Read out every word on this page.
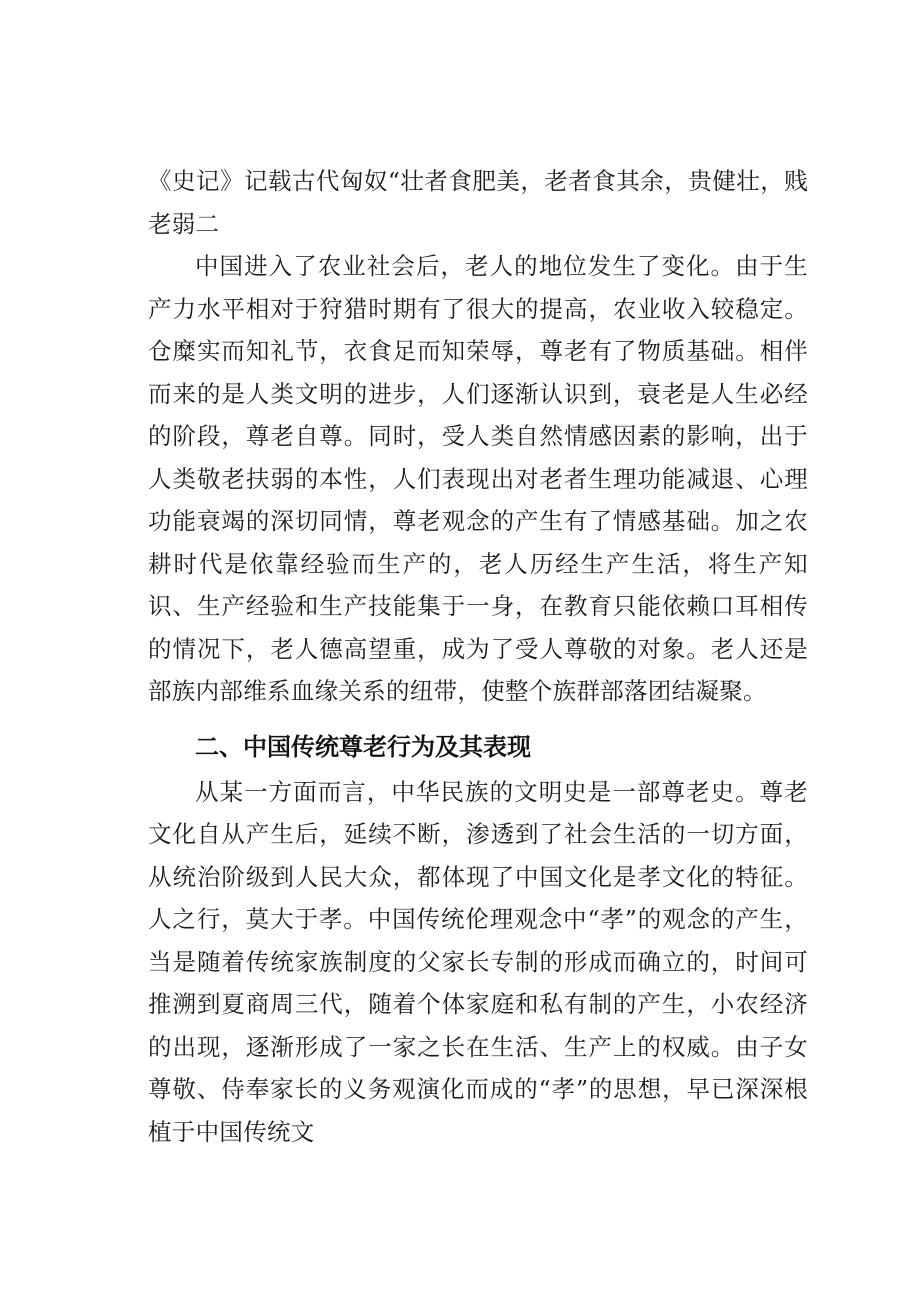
《史记》记载古代匈奴“壮者食肥美，老者食其余，贵健壮，贱老弱二

中国进入了农业社会后，老人的地位发生了变化。由于生产力水平相对于狩猎时期有了很大的提高，农业收入较稳定。仓糜实而知礼节，衣食足而知荣辱，尊老有了物质基础。相伴而来的是人类文明的进步，人们逐渐认识到，衰老是人生必经的阶段，尊老自尊。同时，受人类自然情感因素的影响，出于人类敬老扶弱的本性，人们表现出对老者生理功能减退、心理功能衰竭的深切同情，尊老观念的产生有了情感基础。加之农耕时代是依靠经验而生产的，老人历经生产生活，将生产知识、生产经验和生产技能集于一身，在教育只能依赖口耳相传的情况下，老人德高望重，成为了受人尊敬的对象。老人还是部族内部维系血缘关系的纽带，使整个族群部落团结凝聚。

二、中国传统尊老行为及其表现

从某一方面而言，中华民族的文明史是一部尊老史。尊老文化自从产生后，延续不断，渗透到了社会生活的一切方面，从统治阶级到人民大众，都体现了中国文化是孝文化的特征。人之行，莫大于孝。中国传统伦理观念中“孝”的观念的产生，当是随着传统家族制度的父家长专制的形成而确立的，时间可推溯到夏商周三代，随着个体家庭和私有制的产生，小农经济的出现，逐渐形成了一家之长在生活、生产上的权威。由子女尊敬、侍奉家长的义务观演化而成的“孝”的思想，早已深深根植于中国传统文
